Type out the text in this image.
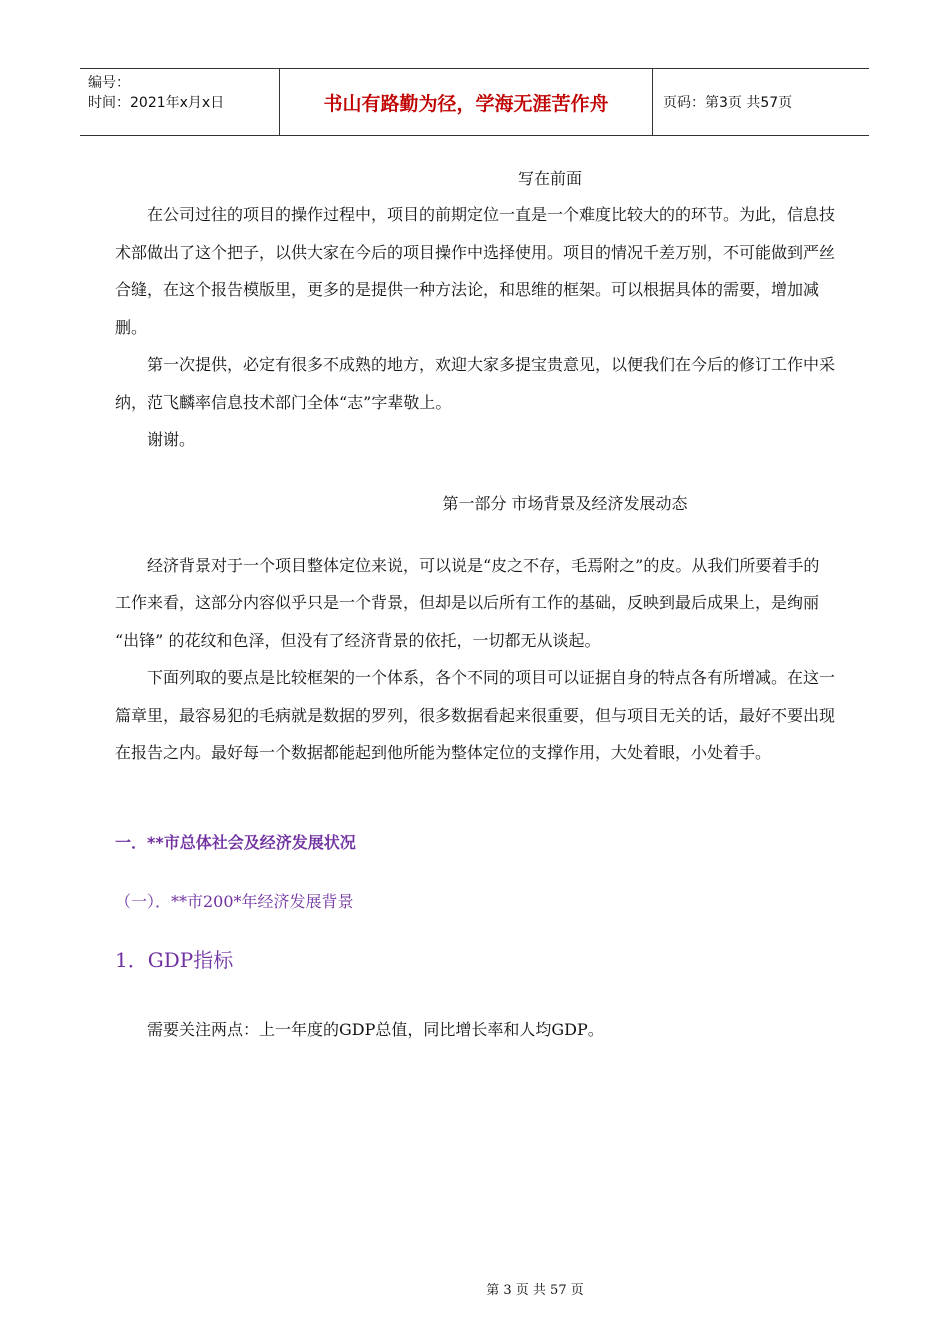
编号：
时间：2021年x月x日	书山有路勤为径，学海无涯苦作舟	页码：第3页 共57页
写在前面

在公司过往的项目的操作过程中，项目的前期定位一直是一个难度比较大的的环节。为此，信息技术部做出了这个把子，以供大家在今后的项目操作中选择使用。项目的情况千差万别，不可能做到严丝合缝，在这个报告模版里，更多的是提供一种方法论，和思维的框架。可以根据具体的需要，增加减删。

第一次提供，必定有很多不成熟的地方，欢迎大家多提宝贵意见，以便我们在今后的修订工作中采纳，范飞麟率信息技术部门全体“志”字辈敬上。

谢谢。

第一部分 市场背景及经济发展动态

经济背景对于一个项目整体定位来说，可以说是“皮之不存，毛焉附之”的皮。从我们所要着手的工作来看，这部分内容似乎只是一个背景，但却是以后所有工作的基础，反映到最后成果上，是绚丽 “出锋” 的花纹和色泽，但没有了经济背景的依托，一切都无从谈起。

下面列取的要点是比较框架的一个体系，各个不同的项目可以证据自身的特点各有所增减。在这一篇章里，最容易犯的毛病就是数据的罗列，很多数据看起来很重要，但与项目无关的话，最好不要出现在报告之内。最好每一个数据都能起到他所能为整体定位的支撑作用，大处着眼，小处着手。

一．**市总体社会及经济发展状况
（一）．**市200*年经济发展背景
1．GDP指标

需要关注两点：上一年度的GDP总值，同比增长率和人均GDP。

第 3 页 共 57 页
